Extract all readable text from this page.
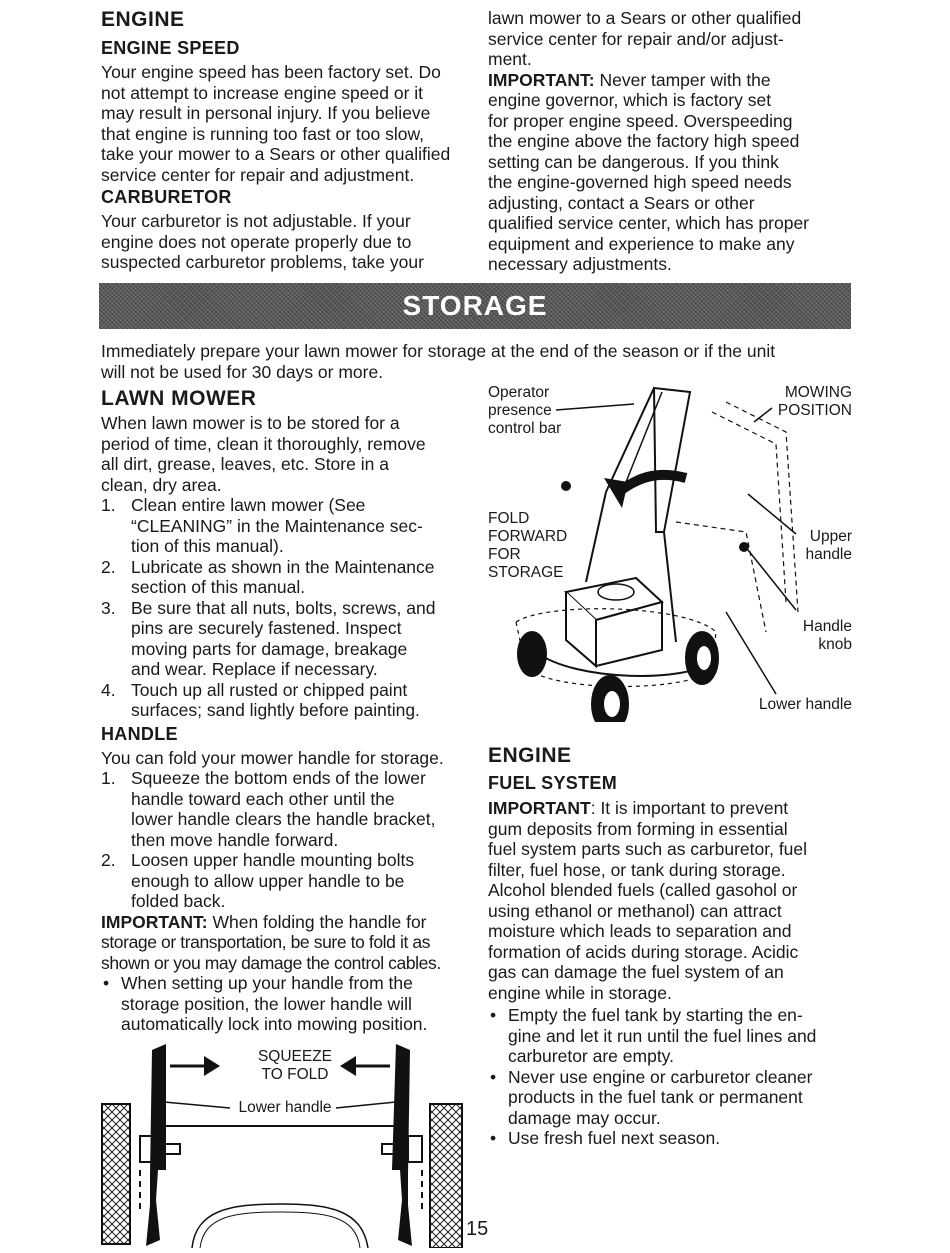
ENGINE
ENGINE SPEED
Your engine speed has been factory set. Do
not attempt to increase engine speed or it
may result in personal injury. If you believe
that engine is running too fast or too slow,
take your mower to a Sears or other qualified
service center for repair and adjustment.
CARBURETOR
Your carburetor is not adjustable. If your
engine does not operate properly due to
suspected carburetor problems, take your
lawn mower to a Sears or other qualified
service center for repair and/or adjust-
ment.
IMPORTANT: Never tamper with the
engine governor, which is factory set
for proper engine speed. Overspeeding
the engine above the factory high speed
setting can be dangerous. If you think
the engine-governed high speed needs
adjusting, contact a Sears or other
qualified service center, which has proper
equipment and experience to make any
necessary adjustments.
STORAGE
Immediately prepare your lawn mower for storage at the end of the season or if the unit
will not be used for 30 days or more.
LAWN MOWER
When lawn mower is to be stored for a
period of time, clean it thoroughly, remove
all dirt, grease, leaves, etc. Store in a
clean, dry area.
1. Clean entire lawn mower (See
“CLEANING” in the Maintenance sec-
tion of this manual).
2. Lubricate as shown in the Maintenance
section of this manual.
3. Be sure that all nuts, bolts, screws, and
pins are securely fastened. Inspect
moving parts for damage, breakage
and wear. Replace if necessary.
4. Touch up all rusted or chipped paint
surfaces; sand lightly before painting.
HANDLE
You can fold your mower handle for storage.
1. Squeeze the bottom ends of the lower
handle toward each other until the
lower handle clears the handle bracket,
then move handle forward.
2. Loosen upper handle mounting bolts
enough to allow upper handle to be
folded back.
IMPORTANT: When folding the handle for
storage or transportation, be sure to fold it as
shown or you may damage the control cables.
• When setting up your handle from the
storage position, the lower handle will
automatically lock into mowing position.
SQUEEZE
TO FOLD
Lower handle
Operator
presence
control bar
MOWING
POSITION
FOLD
FORWARD
FOR
STORAGE
Upper
handle
Handle
knob
Lower handle
ENGINE
FUEL SYSTEM
IMPORTANT: It is important to prevent
gum deposits from forming in essential
fuel system parts such as carburetor, fuel
filter, fuel hose, or tank during storage.
Alcohol blended fuels (called gasohol or
using ethanol or methanol) can attract
moisture which leads to separation and
formation of acids during storage. Acidic
gas can damage the fuel system of an
engine while in storage.
• Empty the fuel tank by starting the en-
gine and let it run until the fuel lines and
carburetor are empty.
• Never use engine or carburetor cleaner
products in the fuel tank or permanent
damage may occur.
• Use fresh fuel next season.
15
